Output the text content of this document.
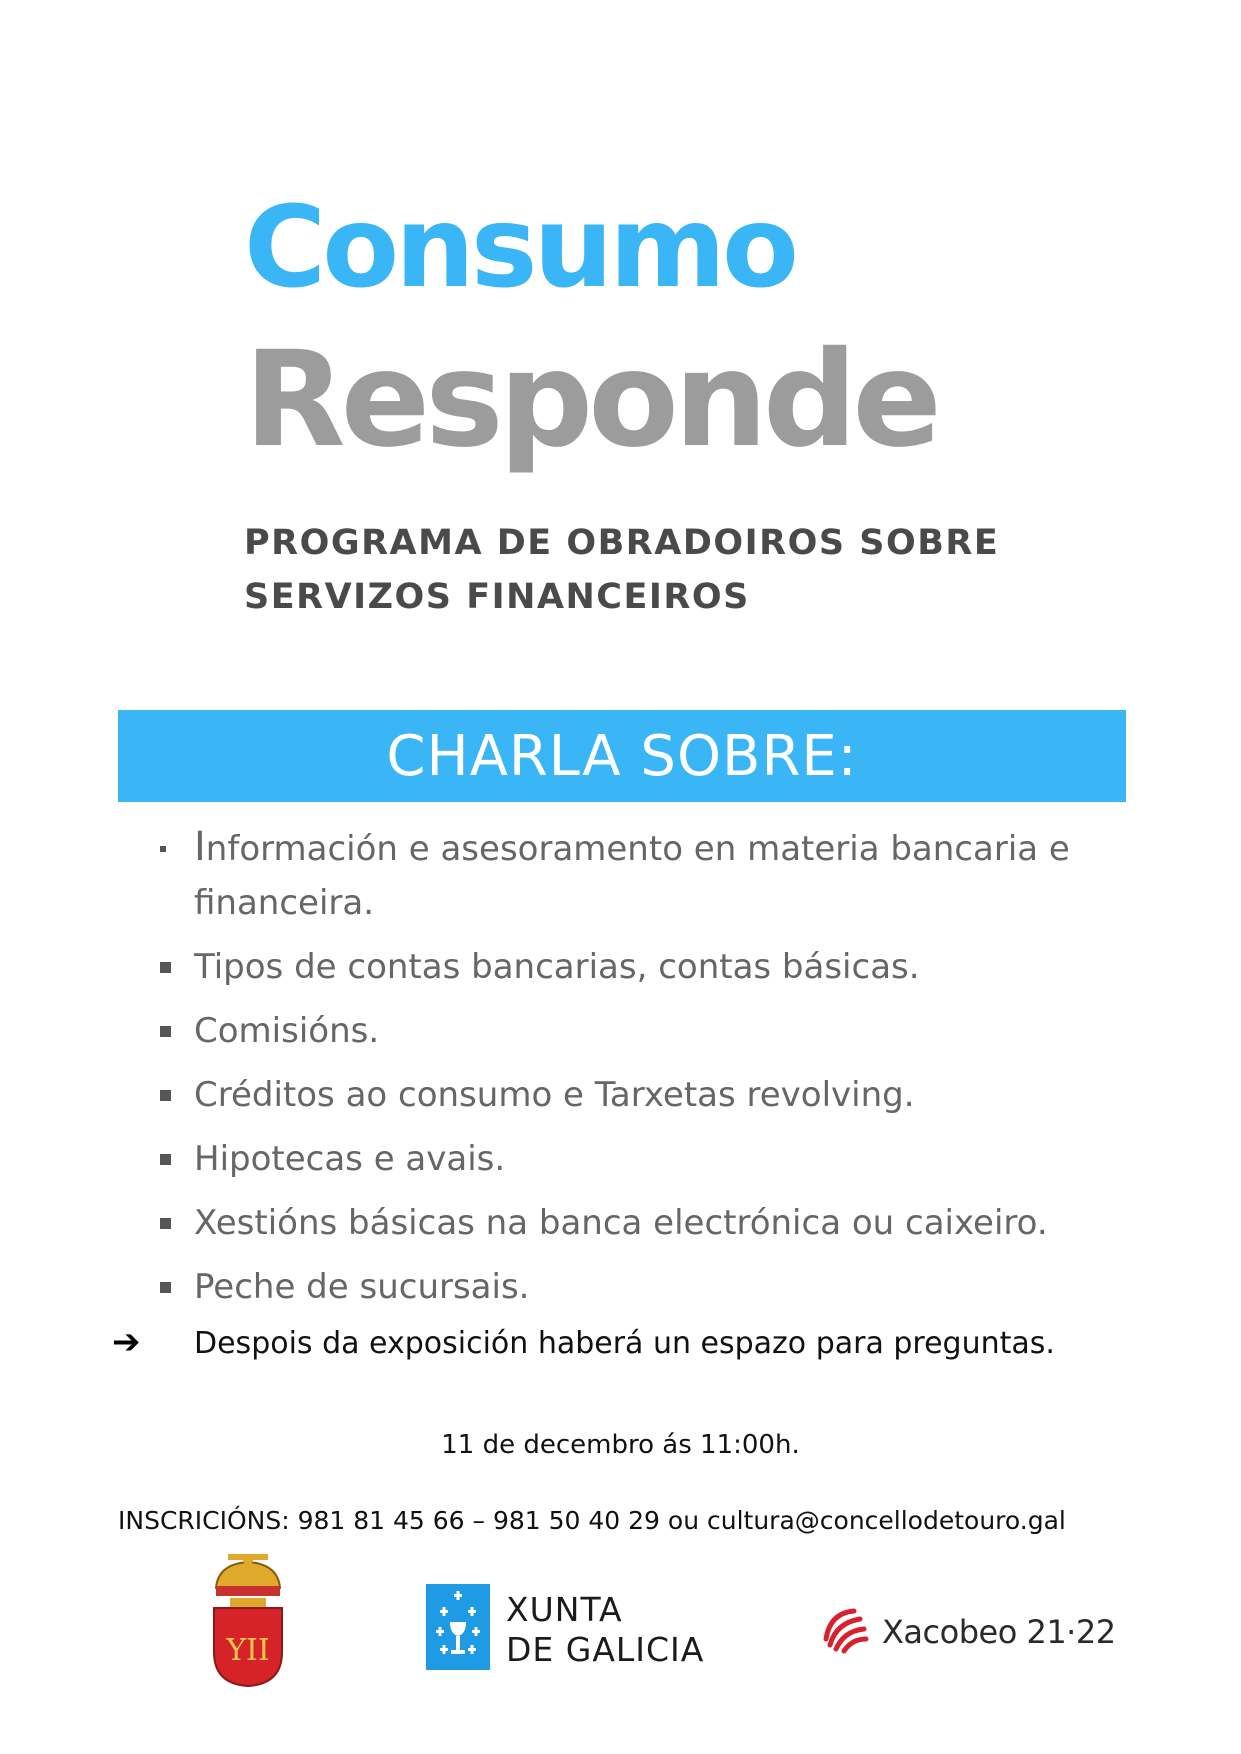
Consumo
Responde
PROGRAMA DE OBRADOIROS SOBRE
SERVIZOS FINANCEIROS
CHARLA SOBRE:
Información e asesoramento en materia bancaria e financeira.
Tipos de contas bancarias, contas básicas.
Comisións.
Créditos ao consumo e Tarxetas revolving.
Hipotecas e avais.
Xestións básicas na banca electrónica ou caixeiro.
Peche de sucursais.
➔ Despois da exposición haberá un espazo para preguntas.
11 de decembro ás 11:00h.
INSCRICIÓNS: 981 81 45 66 – 981 50 40 29 ou cultura@concellodetouro.gal
YII
XUNTA
DE GALICIA	Xacobeo 21·22
